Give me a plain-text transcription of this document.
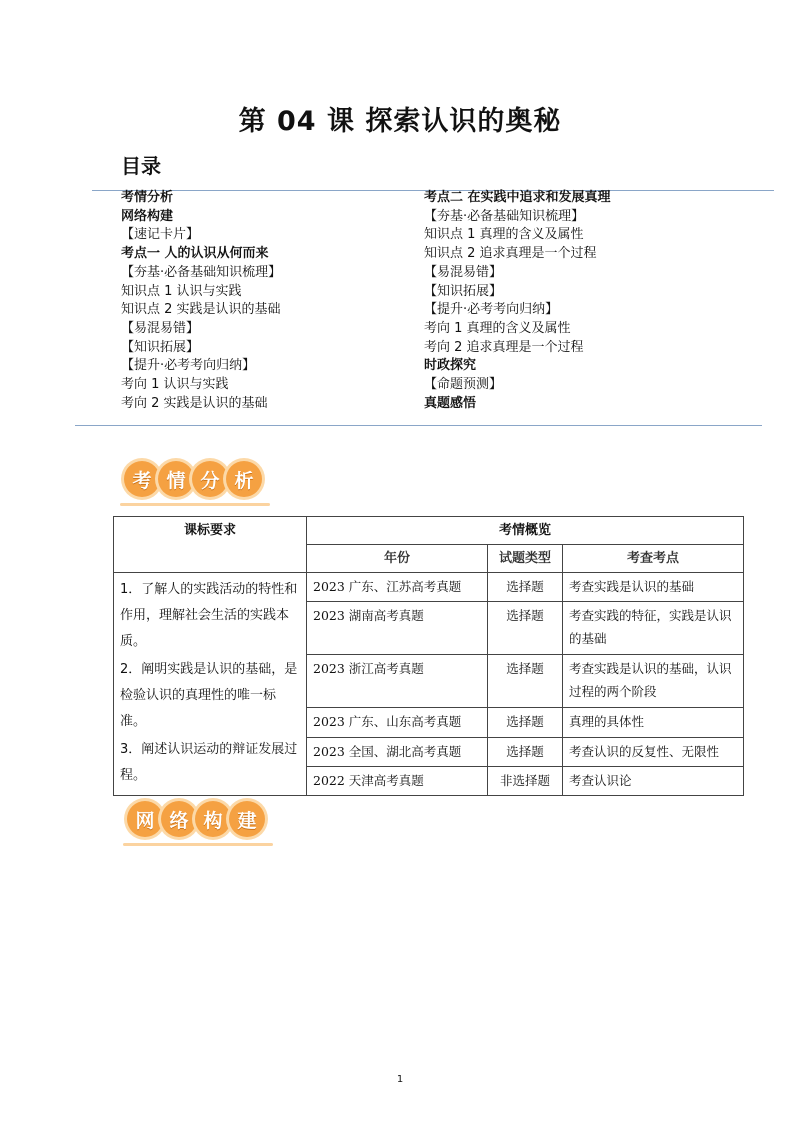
第 04 课 探索认识的奥秘
目录
考情分析
网络构建
【速记卡片】
考点一 人的认识从何而来
【夯基·必备基础知识梳理】
知识点 1 认识与实践
知识点 2 实践是认识的基础
【易混易错】
【知识拓展】
【提升·必考考向归纳】
考向 1 认识与实践
考向 2 实践是认识的基础
考点二 在实践中追求和发展真理
【夯基·必备基础知识梳理】
知识点 1 真理的含义及属性
知识点 2 追求真理是一个过程
【易混易错】
【知识拓展】
【提升·必考考向归纳】
考向 1 真理的含义及属性
考向 2 追求真理是一个过程
时政探究
【命题预测】
真题感悟
考 情 分 析
课标要求	考情概览		
	年份	试题类型	考查考点

1．了解人的实践活动的特性和作用，理解社会生活的实践本质。

2．阐明实践是认识的基础，是检验认识的真理性的唯一标准。

3．阐述认识运动的辩证发展过程。	2023 广东、江苏高考真题	选择题	考查实践是认识的基础
	2023 湖南高考真题	选择题	考查实践的特征，实践是认识的基础
	2023 浙江高考真题	选择题	考查实践是认识的基础，认识过程的两个阶段
	2023 广东、山东高考真题	选择题	真理的具体性
	2023 全国、湖北高考真题	选择题	考查认识的反复性、无限性
	2022 天津高考真题	非选择题	考查认识论
网 络 构 建
1
